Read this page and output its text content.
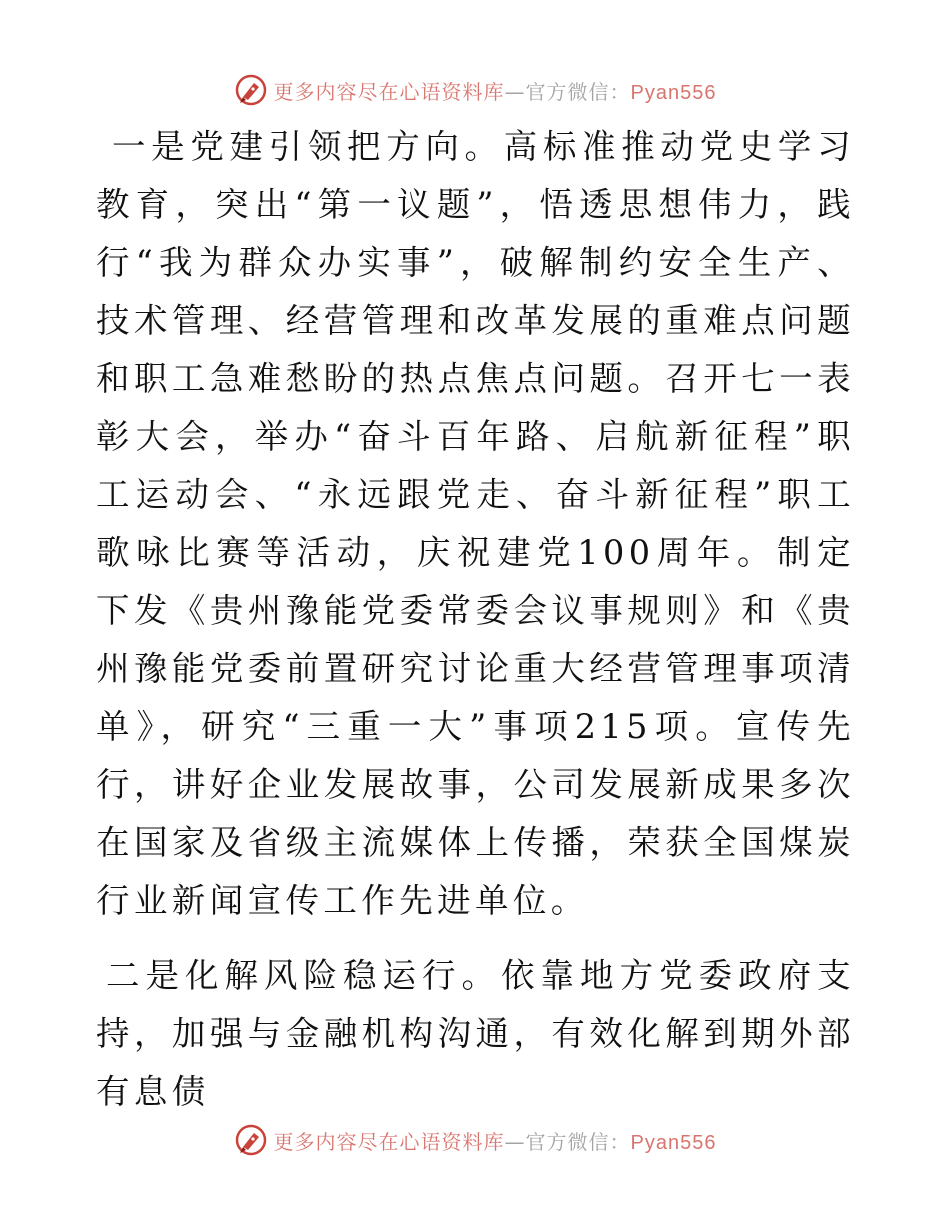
更多内容尽在心语资料库—官方微信：Pyan556

一是党建引领把方向。高标准推动党史学习教育，突出“第一议题”，悟透思想伟力，践行“我为群众办实事”，破解制约安全生产、技术管理、经营管理和改革发展的重难点问题和职工急难愁盼的热点焦点问题。召开七一表彰大会，举办“奋斗百年路、启航新征程”职工运动会、“永远跟党走、奋斗新征程”职工歌咏比赛等活动，庆祝建党100周年。制定下发《贵州豫能党委常委会议事规则》和《贵州豫能党委前置研究讨论重大经营管理事项清单》，研究“三重一大”事项215项。宣传先行，讲好企业发展故事，公司发展新成果多次在国家及省级主流媒体上传播，荣获全国煤炭行业新闻宣传工作先进单位。

二是化解风险稳运行。依靠地方党委政府支持，加强与金融机构沟通，有效化解到期外部有息债

更多内容尽在心语资料库—官方微信：Pyan556
